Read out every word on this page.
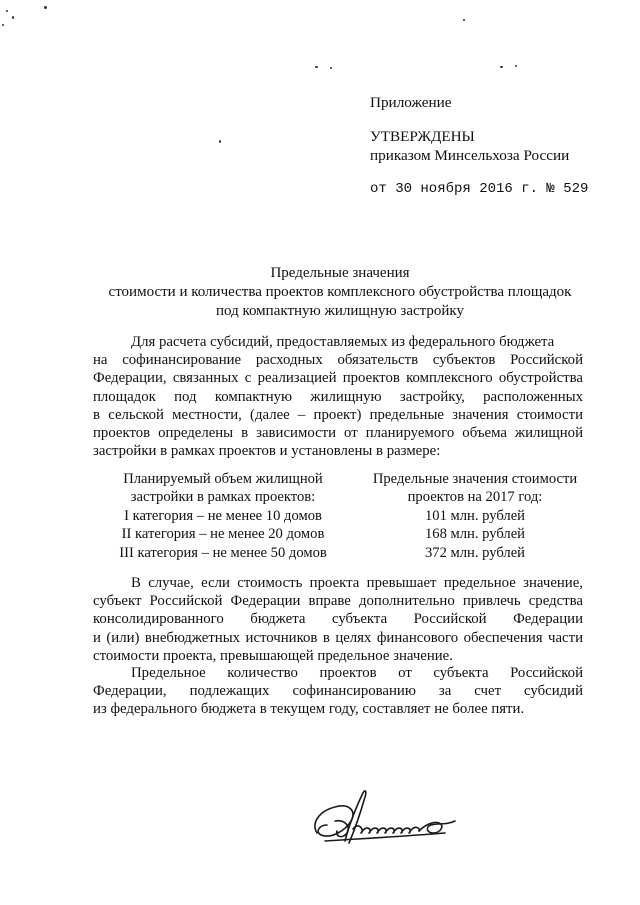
Приложение
УТВЕРЖДЕНЫ
приказом Минсельхоза России
от 30 ноября 2016 г. № 529
Предельные значения
стоимости и количества проектов комплексного обустройства площадок
под компактную жилищную застройку
Для расчета субсидий, предоставляемых из федерального бюджета
на софинансирование расходных обязательств субъектов Российской
Федерации, связанных с реализацией проектов комплексного обустройства
площадок под компактную жилищную застройку, расположенных
в сельской местности, (далее – проект) предельные значения стоимости
проектов определены в зависимости от планируемого объема жилищной
застройки в рамках проектов и установлены в размере:
Планируемый объем жилищной
застройки в рамках проектов:
I категория – не менее 10 домов
II категория – не менее 20 домов
III категория – не менее 50 домов
Предельные значения стоимости
проектов на 2017 год:
101 млн. рублей
168 млн. рублей
372 млн. рублей
В случае, если стоимость проекта превышает предельное значение,
субъект Российской Федерации вправе дополнительно привлечь средства
консолидированного бюджета субъекта Российской Федерации
и (или) внебюджетных источников в целях финансового обеспечения части
стоимости проекта, превышающей предельное значение.
Предельное количество проектов от субъекта Российской
Федерации, подлежащих софинансированию за счет субсидий
из федерального бюджета в текущем году, составляет не более пяти.
